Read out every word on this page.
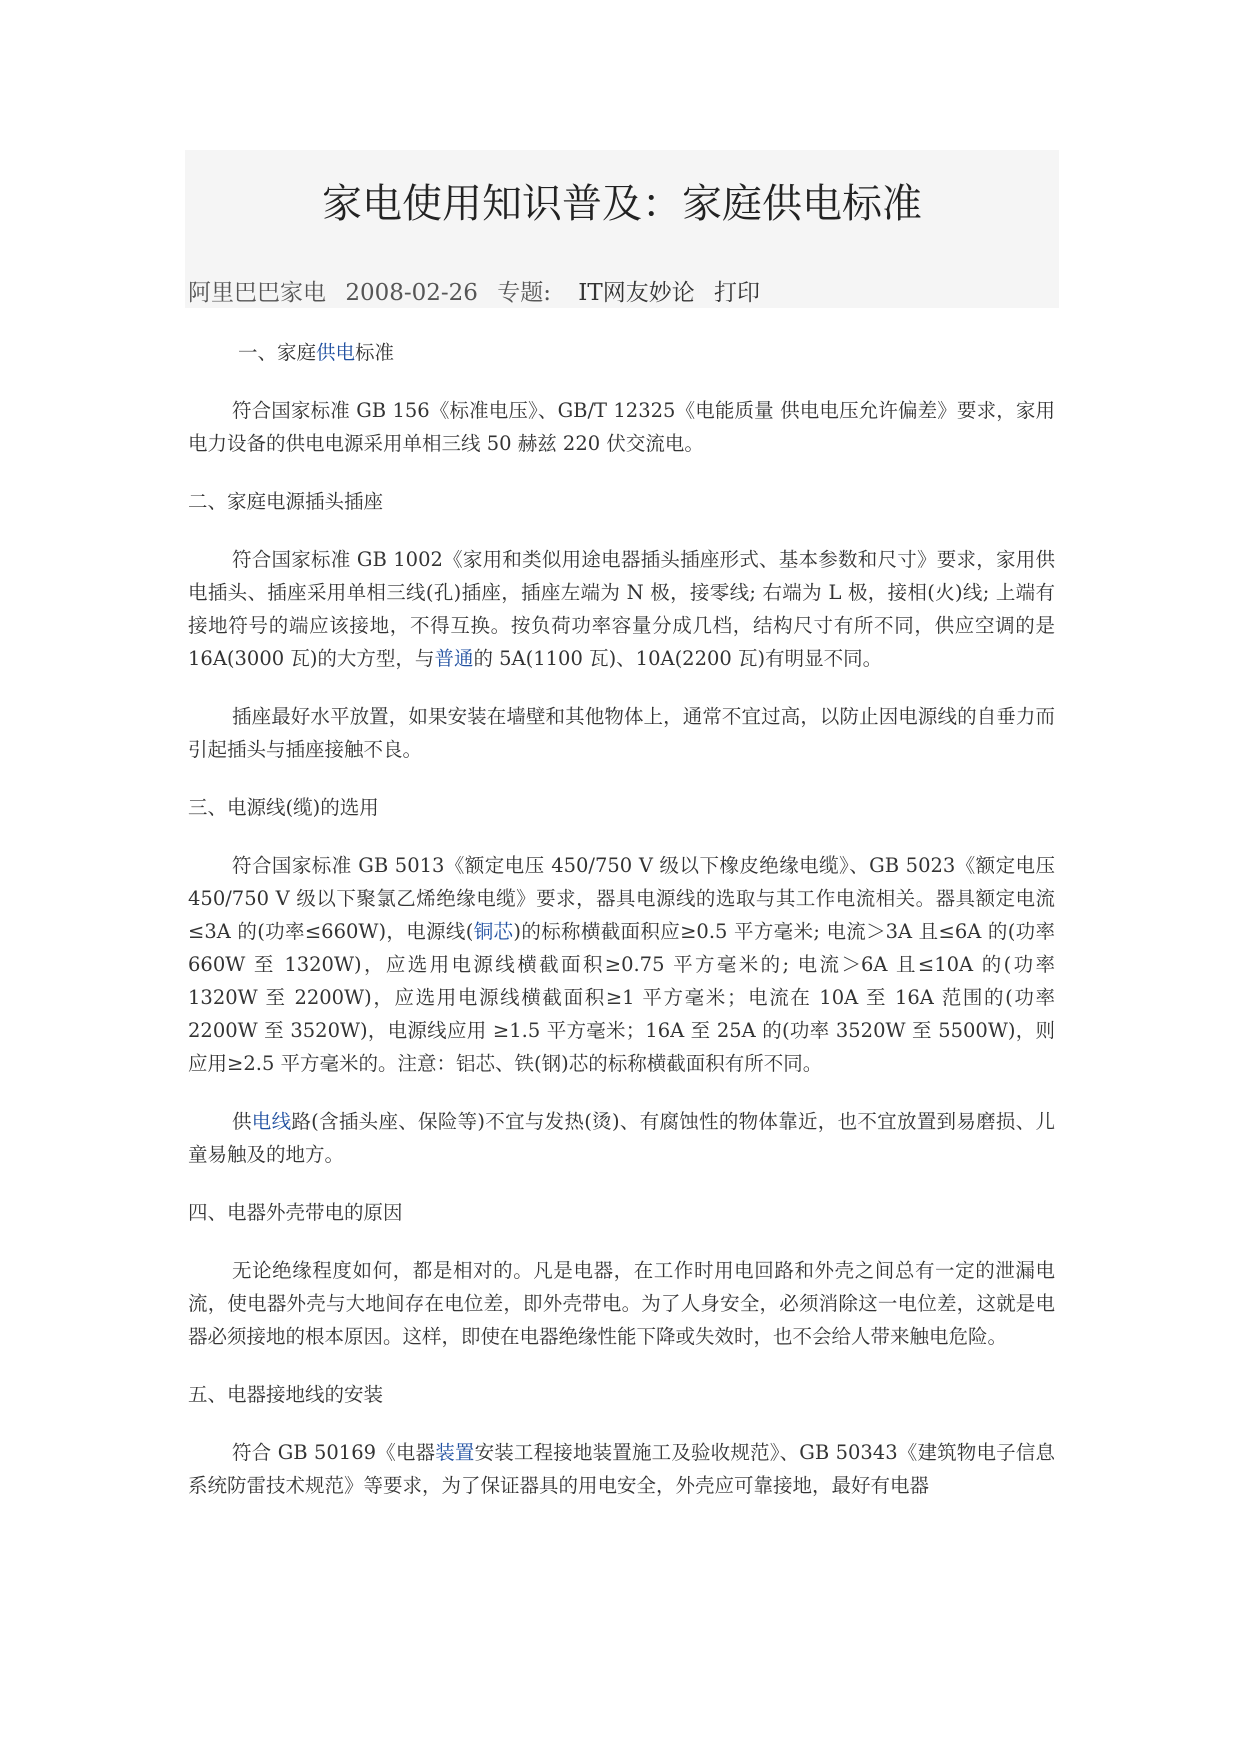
家电使用知识普及：家庭供电标准
阿里巴巴家电 2008-02-26 专题: IT网友妙论 打印

一、家庭供电标准

符合国家标准 GB 156《标准电压》、GB/T 12325《电能质量 供电电压允许偏差》要求，家用电力设备的供电电源采用单相三线 50 赫兹 220 伏交流电。

二、家庭电源插头插座

符合国家标准 GB 1002《家用和类似用途电器插头插座形式、基本参数和尺寸》要求，家用供电插头、插座采用单相三线(孔)插座，插座左端为 N 极，接零线; 右端为 L 极，接相(火)线; 上端有接地符号的端应该接地，不得互换。按负荷功率容量分成几档，结构尺寸有所不同，供应空调的是 16A(3000 瓦)的大方型，与普通的 5A(1100 瓦)、10A(2200 瓦)有明显不同。

插座最好水平放置，如果安装在墙壁和其他物体上，通常不宜过高，以防止因电源线的自垂力而引起插头与插座接触不良。

三、电源线(缆)的选用

符合国家标准 GB 5013《额定电压 450/750 V 级以下橡皮绝缘电缆》、GB 5023《额定电压 450/750 V 级以下聚氯乙烯绝缘电缆》要求，器具电源线的选取与其工作电流相关。器具额定电流≤3A 的(功率≤660W)，电源线(铜芯)的标称横截面积应≥0.5 平方毫米; 电流＞3A 且≤6A 的(功率 660W 至 1320W)，应选用电源线横截面积≥0.75 平方毫米的; 电流＞6A 且≤10A 的(功率 1320W 至 2200W)，应选用电源线横截面积≥1 平方毫米；电流在 10A 至 16A 范围的(功率 2200W 至 3520W)，电源线应用 ≥1.5 平方毫米；16A 至 25A 的(功率 3520W 至 5500W)，则应用≥2.5 平方毫米的。注意：铝芯、铁(钢)芯的标称横截面积有所不同。

供电线路(含插头座、保险等)不宜与发热(烫)、有腐蚀性的物体靠近，也不宜放置到易磨损、儿童易触及的地方。

四、电器外壳带电的原因

无论绝缘程度如何，都是相对的。凡是电器，在工作时用电回路和外壳之间总有一定的泄漏电流，使电器外壳与大地间存在电位差，即外壳带电。为了人身安全，必须消除这一电位差，这就是电器必须接地的根本原因。这样，即使在电器绝缘性能下降或失效时，也不会给人带来触电危险。

五、电器接地线的安装

符合 GB 50169《电器装置安装工程接地装置施工及验收规范》、GB 50343《建筑物电子信息系统防雷技术规范》等要求，为了保证器具的用电安全，外壳应可靠接地，最好有电器
